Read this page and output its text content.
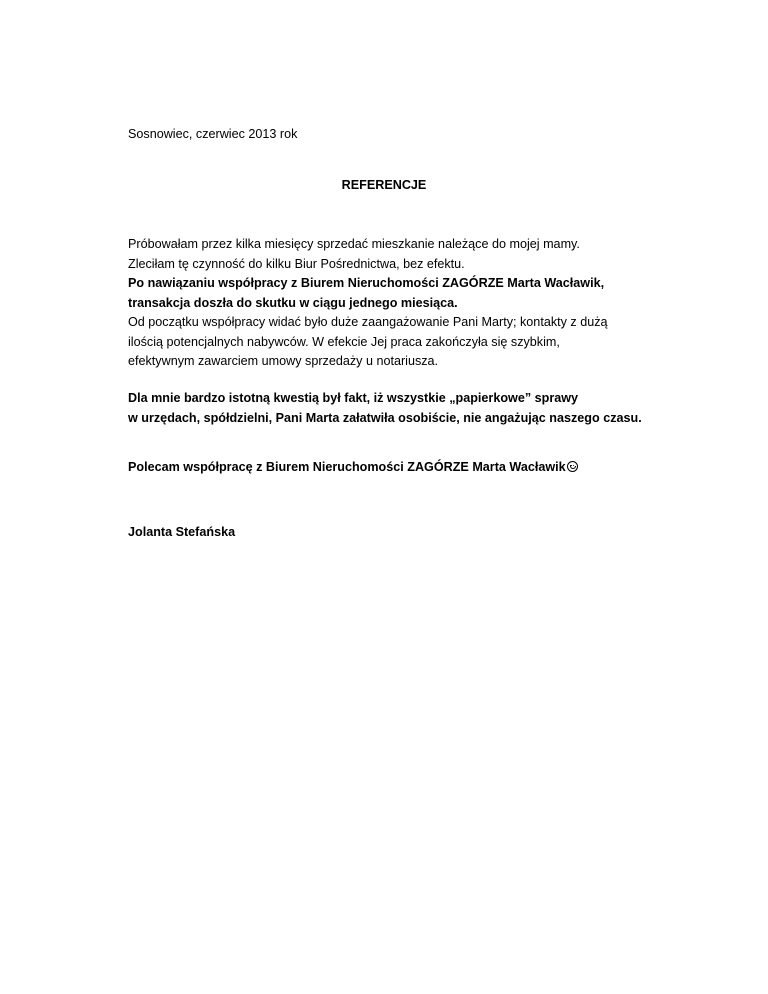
Sosnowiec, czerwiec 2013 rok
REFERENCJE
Próbowałam przez kilka miesięcy sprzedać mieszkanie należące do mojej mamy.
Zleciłam tę czynność do kilku Biur Pośrednictwa, bez efektu.
Po nawiązaniu współpracy z Biurem Nieruchomości ZAGÓRZE Marta Wacławik,
transakcja doszła do skutku w ciągu jednego miesiąca.
Od początku współpracy widać było duże zaangażowanie Pani Marty; kontakty z dużą
ilością potencjalnych nabywców. W efekcie Jej praca zakończyła się szybkim,
efektywnym zawarciem umowy sprzedaży u notariusza.
Dla mnie bardzo istotną kwestią był fakt, iż wszystkie „papierkowe” sprawy
w urzędach, spółdzielni, Pani Marta załatwiła osobiście, nie angażując naszego czasu.
Polecam współpracę z Biurem Nieruchomości ZAGÓRZE Marta Wacławik
Jolanta Stefańska
